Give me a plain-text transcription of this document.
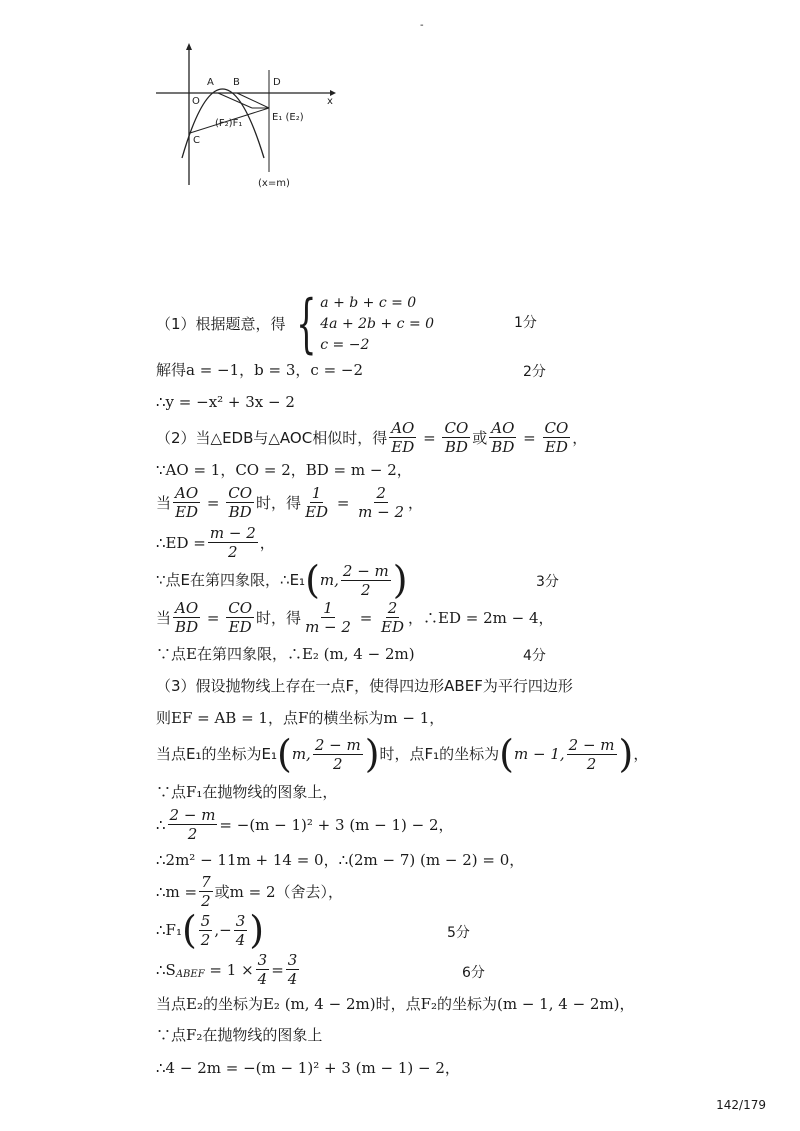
-
x
O
A B	D
C
E₁ (E₂)
(F₂)F₁
(x=m)
（1）根据题意，得 { a + b + c = 0
4a + 2b + c = 0
c = −2
1分
解得a = −1，b = 3，c = −2	2分
∴y = −x² + 3x − 2
（2）当△EDB与△AOC相似时，得 $\frac{AO}{ED} = \frac{CO}{BD}$ 或 $\frac{AO}{BD} = \frac{CO}{ED}$ ，
∵AO = 1，CO = 2，BD = m − 2，
当 $\frac{AO}{ED} = \frac{CO}{BD}$ 时，得 $\frac{1}{ED} = \frac{2}{m - 2}$ ，
∴ED = $\frac{m - 2}{2}$ ，
∵点E在第四象限，∴E₁ ( m, $\frac{2 - m}{2}$ )	3分
当 $\frac{AO}{BD} = \frac{CO}{ED}$ 时，得 $\frac{1}{m - 2} = \frac{2}{ED}$ ，∴ED = 2m − 4，
∵点E在第四象限，∴E₂ (m, 4 − 2m)	4分
（3）假设抛物线上存在一点F，使得四边形ABEF为平行四边形
则EF = AB = 1，点F的横坐标为m − 1，
当点E₁的坐标为E₁ ( m, $\frac{2 - m}{2}$ ) 时，点F₁的坐标为 ( m − 1, $\frac{2 - m}{2}$ ) ，
∵点F₁在抛物线的图象上，
∴ $\frac{2 - m}{2} = -(m - 1)^2 + 3$ (m − 1) − 2，
∴2m² − 11m + 14 = 0，∴(2m − 7) (m − 2) = 0，
∴m = $\frac{7}{2}$ 或m = 2（舍去），
∴F₁ ( $\frac{5}{2}$ , − $\frac{3}{4}$ )	5分
∴S ABEF
= $1 \times \frac{3}{4} = \frac{3}{4}$	6分
当点E₂的坐标为E₂ (m, 4 − 2m)时，点F₂的坐标为(m − 1, 4 − 2m)，
∵点F₂在抛物线的图象上
∴4 − 2m = −(m − 1)² + 3 (m − 1) − 2，
142/179
